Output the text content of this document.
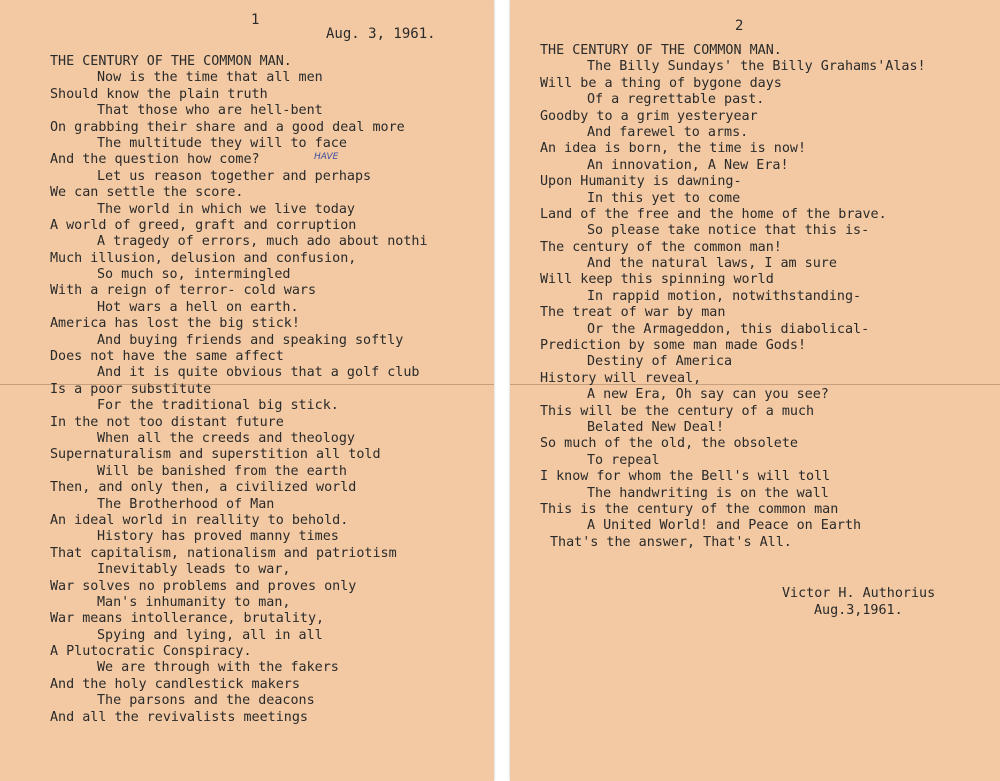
1
Aug. 3, 1961.
HAVE
THE CENTURY OF THE COMMON MAN.
Now is the time that all men
Should know the plain truth
That those who are hell-bent
On grabbing their share and a good deal more
The multitude they will to face
And the question how come?
Let us reason together and perhaps
We can settle the score.
The world in which we live today
A world of greed, graft and corruption
A tragedy of errors, much ado about nothi
Much illusion, delusion and confusion,
So much so, intermingled
With a reign of terror- cold wars
Hot wars a hell on earth.
America has lost the big stick!
And buying friends and speaking softly
Does not have the same affect
And it is quite obvious that a golf club
Is a poor substitute
For the traditional big stick.
In the not too distant future
When all the creeds and theology
Supernaturalism and superstition all told
Will be banished from the earth
Then, and only then, a civilized world
The Brotherhood of Man
An ideal world in reallity to behold.
History has proved manny times
That capitalism, nationalism and patriotism
Inevitably leads to war,
War solves no problems and proves only
Man's inhumanity to man,
War means intollerance, brutality,
Spying and lying, all in all
A Plutocratic Conspiracy.
We are through with the fakers
And the holy candlestick makers
The parsons and the deacons
And all the revivalists meetings
2
THE CENTURY OF THE COMMON MAN.
The Billy Sundays' the Billy Grahams'Alas!
Will be a thing of bygone days
Of a regrettable past.
Goodby to a grim yesteryear
And farewel to arms.
An idea is born, the time is now!
An innovation, A New Era!
Upon Humanity is dawning-
In this yet to come
Land of the free and the home of the brave.
So please take notice that this is-
The century of the common man!
And the natural laws, I am sure
Will keep this spinning world
In rappid motion, notwithstanding-
The treat of war by man
Or the Armageddon, this diabolical-
Prediction by some man made Gods!
Destiny of America
History will reveal,
A new Era, Oh say can you see?
This will be the century of a much
Belated New Deal!
So much of the old, the obsolete
To repeal
I know for whom the Bell's will toll
The handwriting is on the wall
This is the century of the common man
A United World! and Peace on Earth
That's the answer, That's All.
Victor H. Authorius
Aug.3,1961.
